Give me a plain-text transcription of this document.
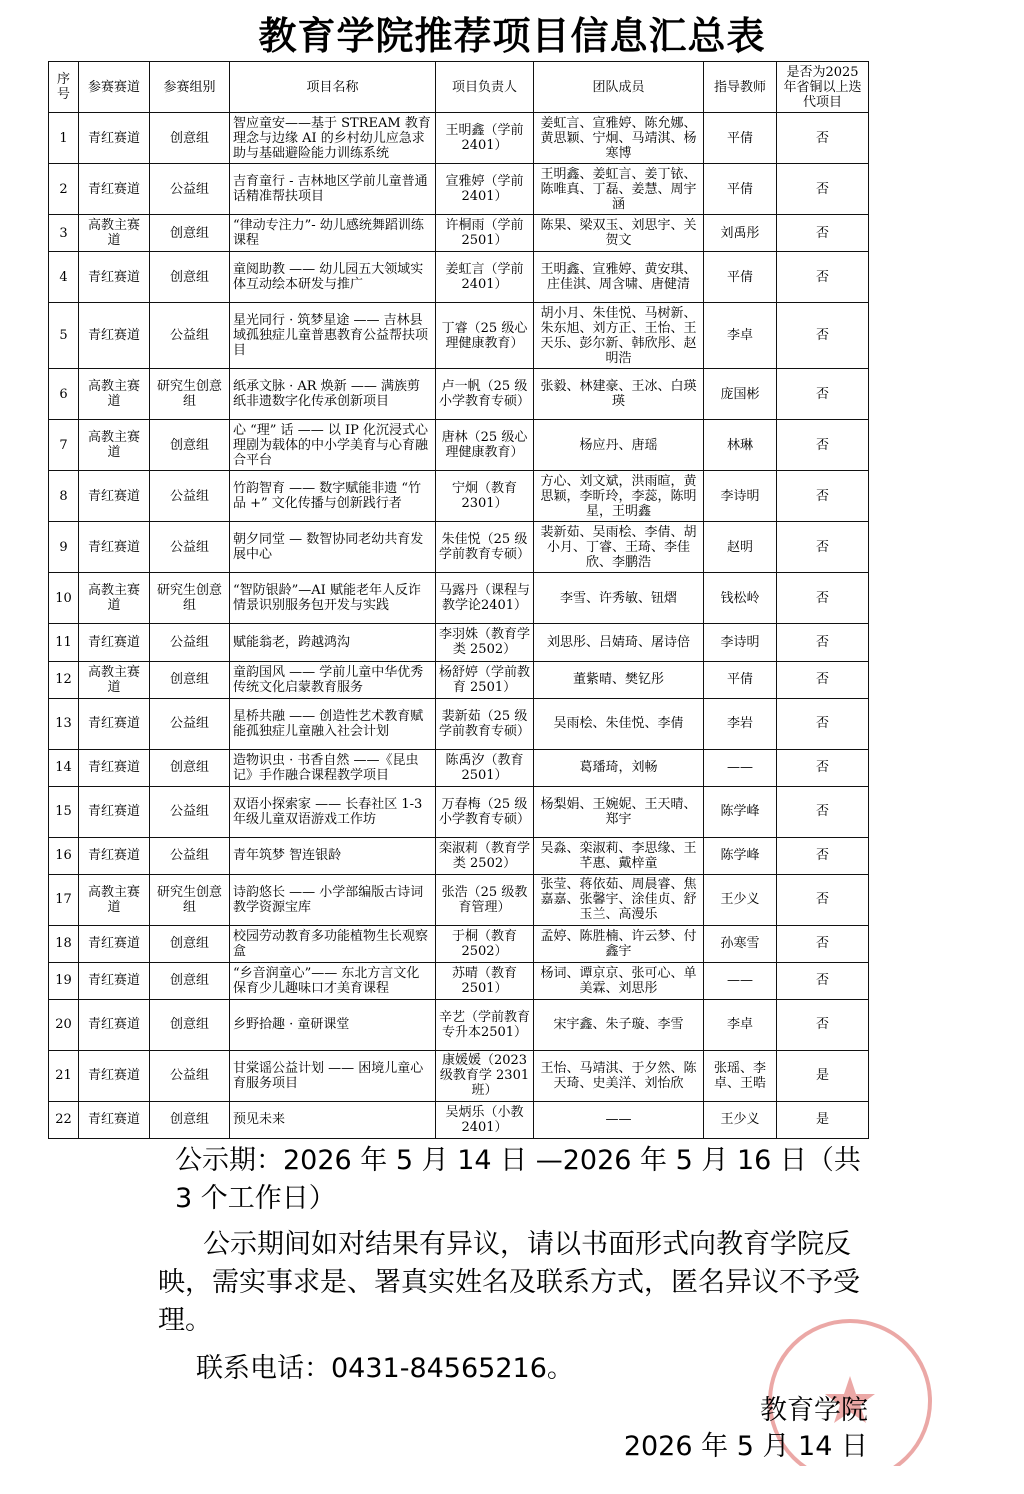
教育学院推荐项目信息汇总表
序号	参赛赛道	参赛组别	项目名称	项目负责人	团队成员	指导教师	是否为2025年省铜以上迭代项目
1	青红赛道	创意组	智应童安——基于 STREAM 教育理念与边缘 AI 的乡村幼儿应急求助与基础避险能力训练系统	王明鑫（学前2401）	姜虹言、宣雅婷、陈允娜、黄思颖、宁炯、马靖淇、杨寒博	平倩	否
2	青红赛道	公益组	吉育童行 - 吉林地区学前儿童普通话精准帮扶项目	宣雅婷（学前2401）	王明鑫、姜虹言、姜丁铱、陈唯真、丁磊、姜慧、周宇涵	平倩	否
3	高教主赛道	创意组	“律动专注力”- 幼儿感统舞蹈训练课程	许桐雨（学前2501）	陈果、梁双玉、刘思宇、关贺文	刘禹彤	否
4	青红赛道	创意组	童阅助教 —— 幼儿园五大领域实体互动绘本研发与推广	姜虹言（学前2401）	王明鑫、宣雅婷、黄安琪、庄佳淇、周含啸、唐健清	平倩	否
5	青红赛道	公益组	星光同行 · 筑梦星途 —— 吉林县域孤独症儿童普惠教育公益帮扶项目	丁睿（25 级心理健康教育）	胡小月、朱佳悦、马树新、朱东旭、刘方正、王怡、王天乐、彭尔新、韩欣彤、赵明浩	李卓	否
6	高教主赛道	研究生创意组	纸承文脉 · AR 焕新 —— 满族剪纸非遗数字化传承创新项目	卢一帆（25 级小学教育专硕）	张毅、林建豪、王冰、白瑛瑛	庞国彬	否
7	高教主赛道	创意组	心 “理” 话 —— 以 IP 化沉浸式心理剧为载体的中小学美育与心育融合平台	唐林（25 级心理健康教育）	杨应丹、唐瑶	林琳	否
8	青红赛道	公益组	竹韵智育 —— 数字赋能非遗 “竹品 +” 文化传播与创新践行者	宁炯（教育2301）	方心、刘文斌，洪雨暄，黄思颖，李昕玲，李蕊，陈明星，王明鑫	李诗明	否
9	青红赛道	公益组	朝夕同堂 — 数智协同老幼共育发展中心	朱佳悦（25 级学前教育专硕）	裴新茹、吴雨桧、李倩、胡小月、丁睿、王琦、李佳欣、李鹏浩	赵明	否
10	高教主赛道	研究生创意组	“智防银龄”—AI 赋能老年人反诈情景识别服务包开发与实践	马露丹（课程与教学论2401）	李雪、许秀敏、钮熠	钱松岭	否
11	青红赛道	公益组	赋能翁老，跨越鸿沟	李羽姝（教育学类 2502）	刘思彤、吕婧琦、屠诗倍	李诗明	否
12	高教主赛道	创意组	童韵国风 —— 学前儿童中华优秀传统文化启蒙教育服务	杨舒婷（学前教育 2501）	董紫晴、樊钇彤	平倩	否
13	青红赛道	公益组	星桥共融 —— 创造性艺术教育赋能孤独症儿童融入社会计划	裴新茹（25 级学前教育专硕）	吴雨桧、朱佳悦、李倩	李岩	否
14	青红赛道	创意组	造物识虫 · 书香自然 ——《昆虫记》手作融合课程教学项目	陈禹汐（教育2501）	葛璠琦，刘畅	——	否
15	青红赛道	公益组	双语小探索家 —— 长春社区 1-3 年级儿童双语游戏工作坊	万春梅（25 级小学教育专硕）	杨梨娟、王婉妮、王天晴、郑宇	陈学峰	否
16	青红赛道	公益组	青年筑梦 智连银龄	栾淑莉（教育学类 2502）	吴淼、栾淑莉、李思缘、王芊惠、戴梓童	陈学峰	否
17	高教主赛道	研究生创意组	诗韵悠长 —— 小学部编版古诗词教学资源宝库	张浩（25 级教育管理）	张莹、蒋依茹、周晨睿、焦嘉嘉、张馨宇、涂佳贞、舒玉兰、高漫乐	王少义	否
18	青红赛道	创意组	校园劳动教育多功能植物生长观察盒	于桐（教育2502）	孟婷、陈胜楠、许云梦、付鑫宇	孙寒雪	否
19	青红赛道	创意组	“乡音润童心”—— 东北方言文化保育少儿趣味口才美育课程	苏晴（教育2501）	杨词、谭京京、张可心、单美霖、刘思彤	——	否
20	青红赛道	创意组	乡野拾趣 · 童研课堂	辛艺（学前教育专升本2501）	宋宇鑫、朱子璇、李雪	李卓	否
21	青红赛道	公益组	甘棠谣公益计划 —— 困境儿童心育服务项目	康媛媛（2023 级教育学 2301 班）	王怡、马靖淇、于夕然、陈天琦、史美洋、刘怡欣	张瑶、李卓、王晧	是
22	青红赛道	创意组	预见未来	吴炳乐（小教2401）	——	王少义	是
公示期：2026 年 5 月 14 日 —2026 年 5 月 16 日（共 3 个工作日）
公示期间如对结果有异议，请以书面形式向教育学院反映，需实事求是、署真实姓名及联系方式，匿名异议不予受理。
联系电话：0431-84565216。
教育学院
2026 年 5 月 14 日
